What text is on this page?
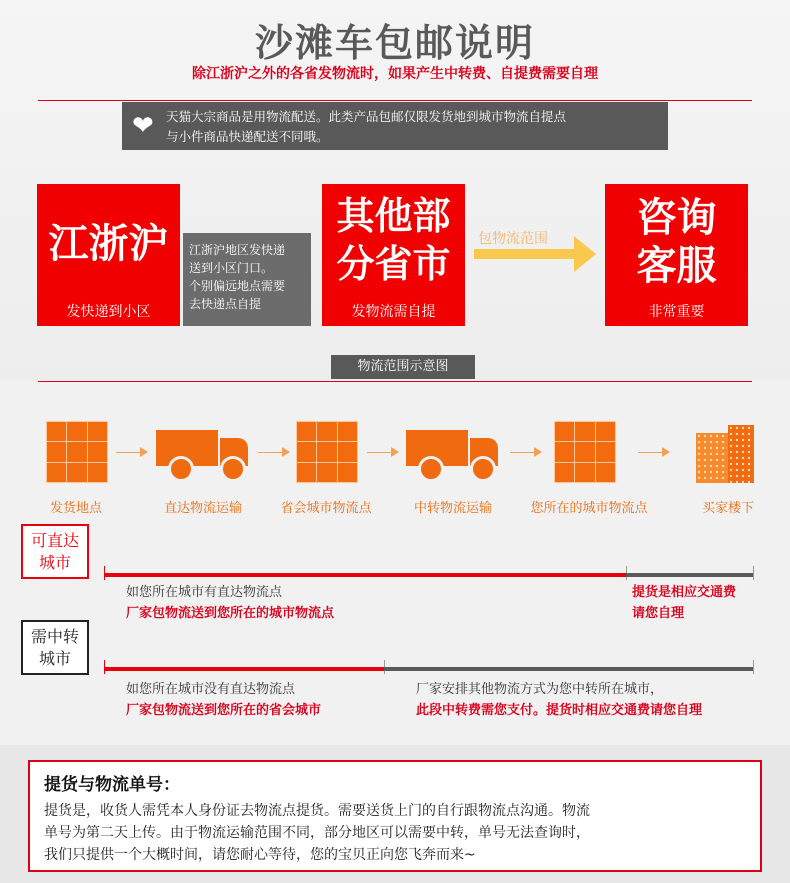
沙滩车包邮说明
除江浙沪之外的各省发物流时，如果产生中转费、自提费需要自理
❤ 天猫大宗商品是用物流配送。此类产品包邮仅限发货地到城市物流自提点
与小件商品快递配送不同哦。
江浙沪
发快递到小区
江浙沪地区发快递
送到小区门口。
个别偏远地点需要
去快递点自提
其他部
分省市
发物流需自提
包物流范围	咨询
客服
非常重要
物流范围示意图
发货地点	直达物流运输	省会城市物流点	中转物流运输	您所在的城市物流点	买家楼下
可直达
城市
如您所在城市有直达物流点
厂家包物流送到您所在的城市物流点
提货是相应交通费
请您自理
需中转
城市
如您所在城市没有直达物流点
厂家包物流送到您所在的省会城市
厂家安排其他物流方式为您中转所在城市，
此段中转费需您支付。提货时相应交通费请您自理
提货与物流单号：
提货是，收货人需凭本人身份证去物流点提货。需要送货上门的自行跟物流点沟通。物流
单号为第二天上传。由于物流运输范围不同，部分地区可以需要中转，单号无法查询时，
我们只提供一个大概时间，请您耐心等待，您的宝贝正向您飞奔而来~
